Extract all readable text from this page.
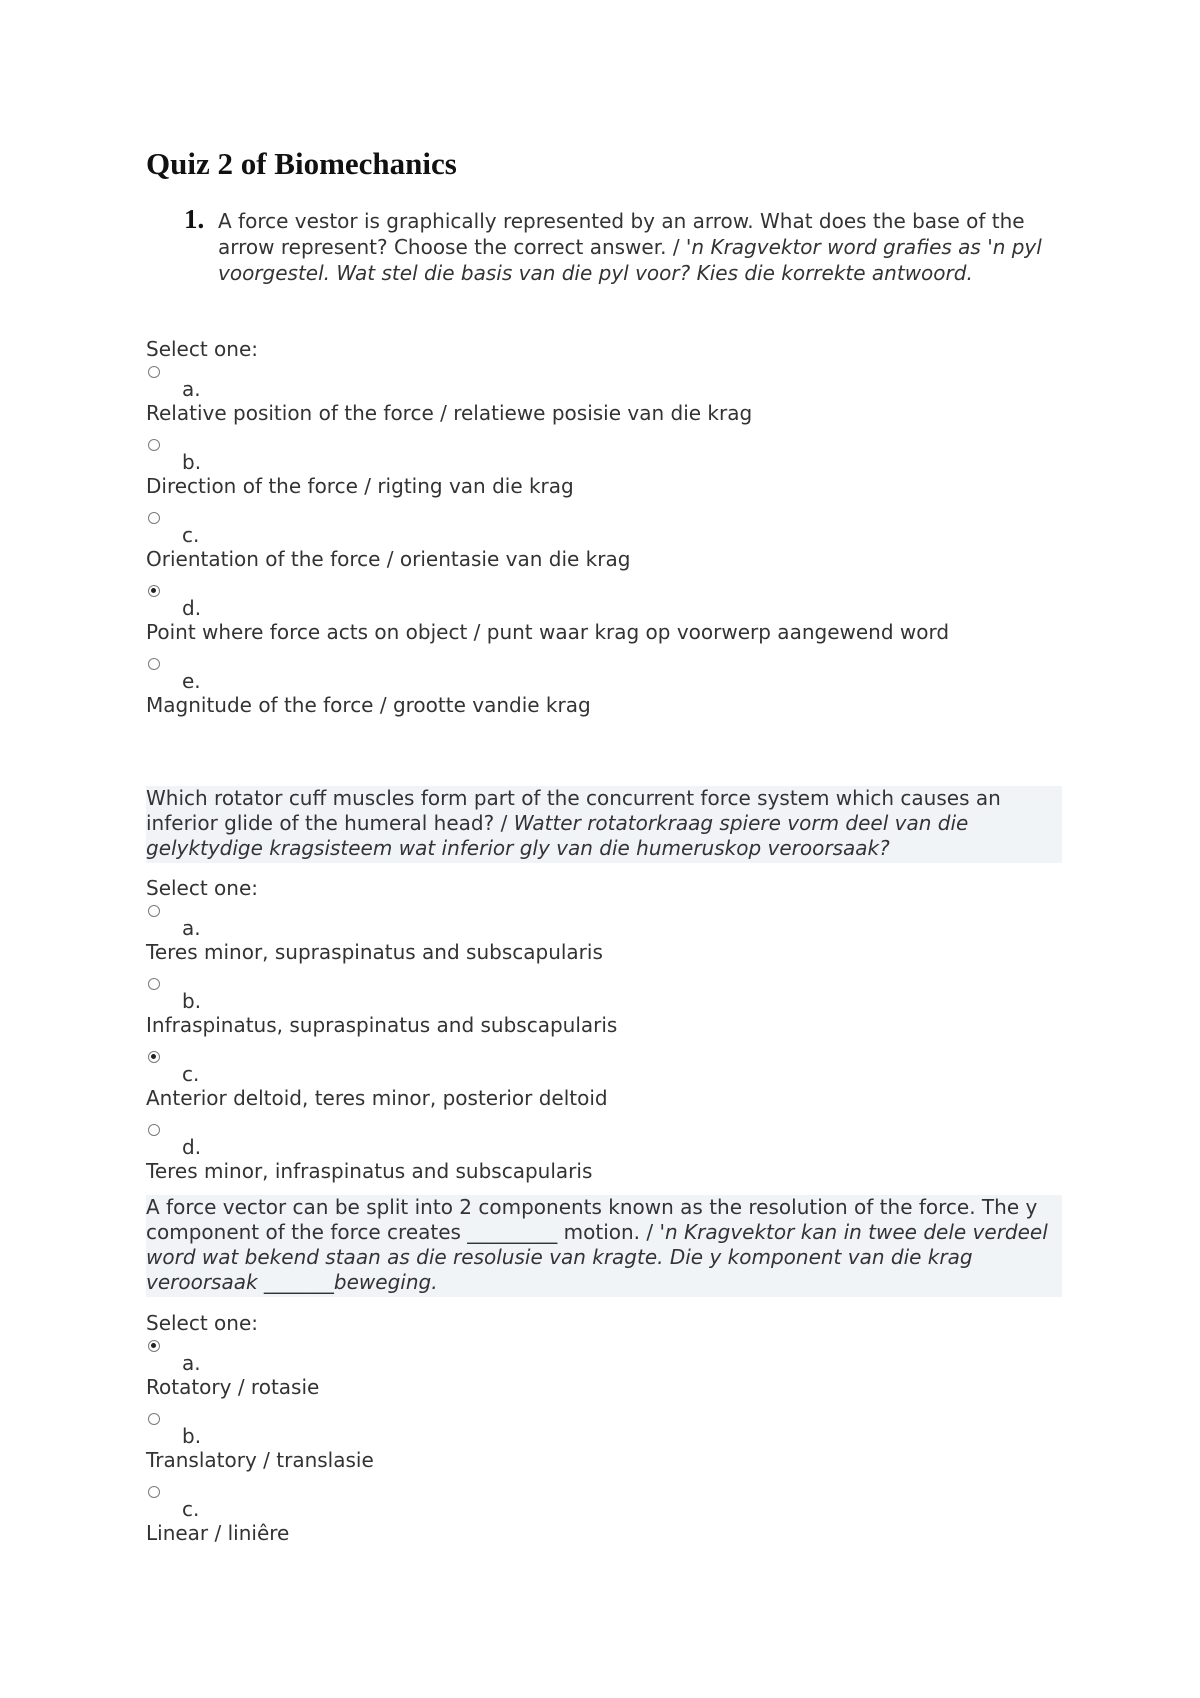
Quiz 2 of Biomechanics
1. A force vestor is graphically represented by an arrow. What does the base of the arrow represent? Choose the correct answer. / 'n Kragvektor word grafies as 'n pyl voorgestel. Wat stel die basis van die pyl voor? Kies die korrekte antwoord.

Select one:

a.
Relative position of the force / relatiewe posisie van die krag
b.
Direction of the force / rigting van die krag
c.
Orientation of the force / orientasie van die krag
d.
Point where force acts on object / punt waar krag op voorwerp aangewend word
e.
Magnitude of the force / grootte vandie krag
Which rotator cuff muscles form part of the concurrent force system which causes an inferior glide of the humeral head? / Watter rotatorkraag spiere vorm deel van die gelyktydige kragsisteem wat inferior gly van die humeruskop veroorsaak?

Select one:

a.
Teres minor, supraspinatus and subscapularis
b.
Infraspinatus, supraspinatus and subscapularis
c.
Anterior deltoid, teres minor, posterior deltoid
d.
Teres minor, infraspinatus and subscapularis
A force vector can be split into 2 components known as the resolution of the force. The y component of the force creates _________ motion. / 'n Kragvektor kan in twee dele verdeel word wat bekend staan as die resolusie van kragte. Die y komponent van die krag veroorsaak _______beweging.

Select one:

a.
Rotatory / rotasie
b.
Translatory / translasie
c.
Linear / liniêre
